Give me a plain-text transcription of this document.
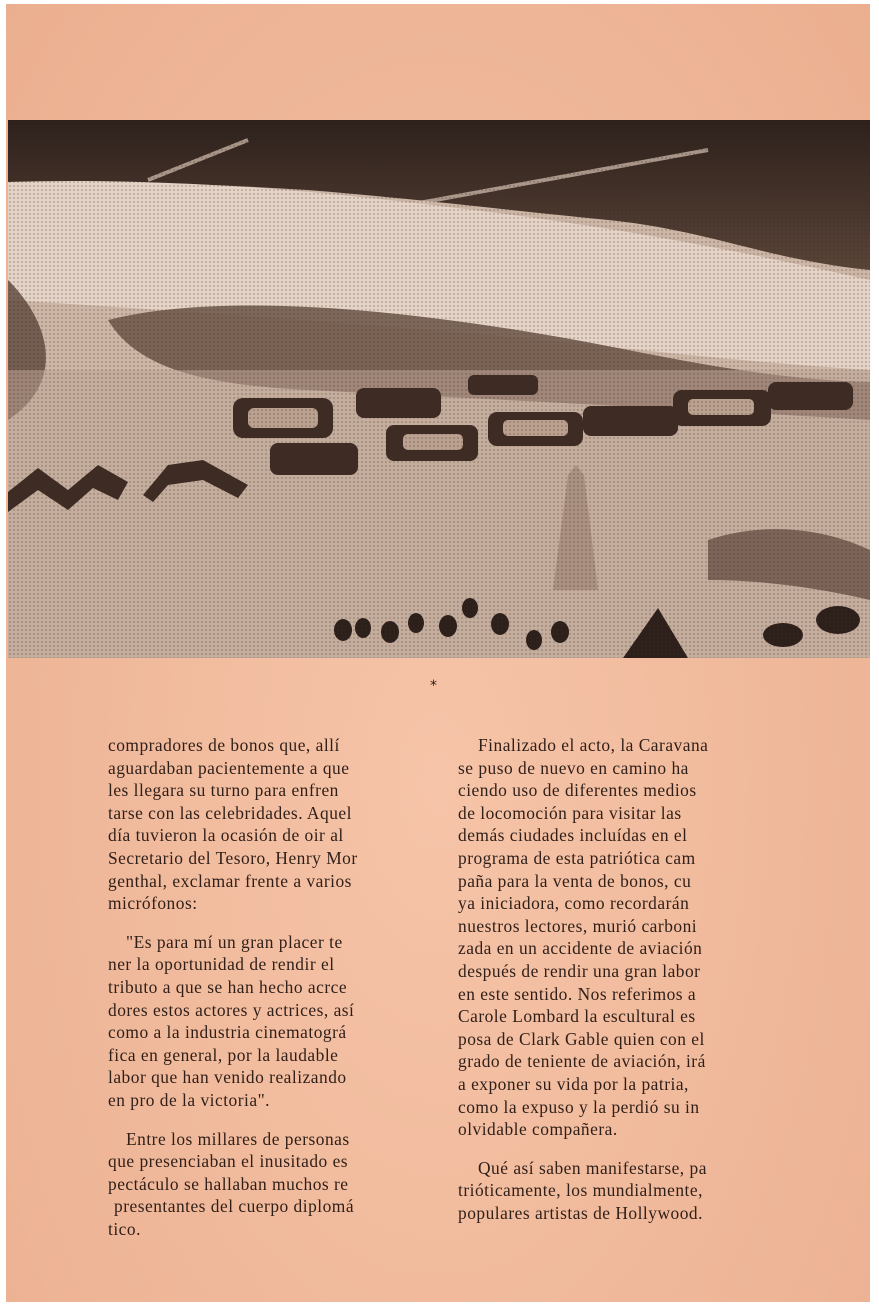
*

compradores de bonos que, allí

aguardaban pacientemente a que

les llegara su turno para enfren

tarse con las celebridades. Aquel

día tuvieron la ocasión de oir al

Secretario del Tesoro, Henry Mor

genthal, exclamar frente a varios

micrófonos:

"Es para mí un gran placer te

ner la oportunidad de rendir el

tributo a que se han hecho acrce

dores estos actores y actrices, así

como a la industria cinematográ

fica en general, por la laudable

labor que han venido realizando

en pro de la victoria".

Entre los millares de personas

que presenciaban el inusitado es

pectáculo se hallaban muchos re

presentantes del cuerpo diplomá

tico.

Finalizado el acto, la Caravana

se puso de nuevo en camino ha

ciendo uso de diferentes medios

de locomoción para visitar las

demás ciudades incluídas en el

programa de esta patriótica cam

paña para la venta de bonos, cu

ya iniciadora, como recordarán

nuestros lectores, murió carboni

zada en un accidente de aviación

después de rendir una gran labor

en este sentido. Nos referimos a

Carole Lombard la escultural es

posa de Clark Gable quien con el

grado de teniente de aviación, irá

a exponer su vida por la patria,

como la expuso y la perdió su in

olvidable compañera.

Qué así saben manifestarse, pa

trióticamente, los mundialmente,

populares artistas de Hollywood.
